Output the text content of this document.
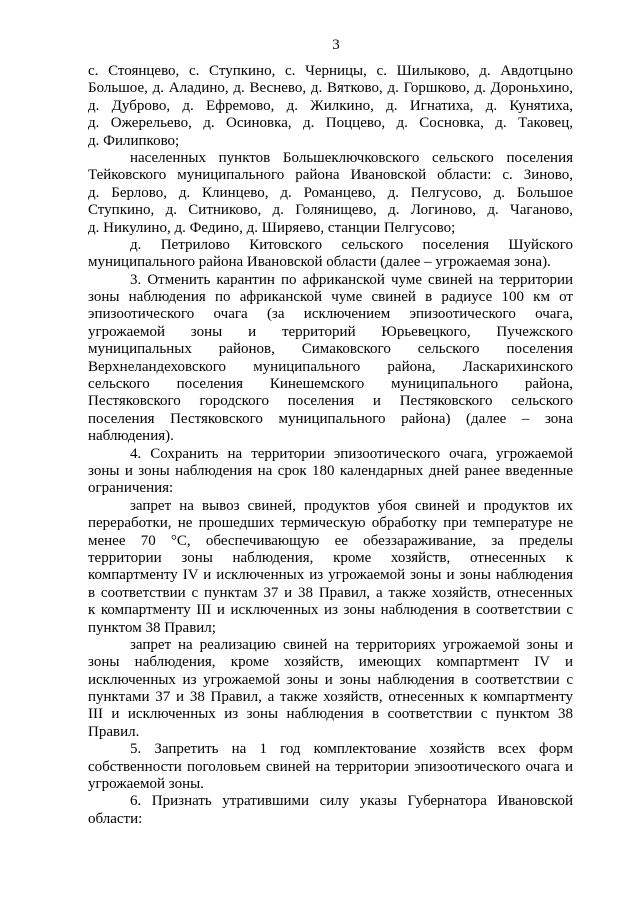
3
с. Стоянцево, с. Ступкино, с. Черницы, с. Шилыково, д. Авдотцыно
Большое, д. Аладино, д. Веснево, д. Вятково, д. Горшково, д. Дороньхино,
д. Дуброво, д. Ефремово, д. Жилкино, д. Игнатиха, д. Кунятиха,
д. Ожерельево, д. Осиновка, д. Поццево, д. Сосновка, д. Таковец,
д. Филипково;
населенных пунктов Большеключковского сельского поселения
Тейковского муниципального района Ивановской области: с. Зиново,
д. Берлово, д. Клинцево, д. Романцево, д. Пелгусово, д. Большое
Ступкино, д. Ситниково, д. Голянищево, д. Логиново, д. Чаганово,
д. Никулино, д. Федино, д. Ширяево, станции Пелгусово;
д. Петрилово Китовского сельского поселения Шуйского
муниципального района Ивановской области (далее – угрожаемая зона).
3. Отменить карантин по африканской чуме свиней на территории
зоны наблюдения по африканской чуме свиней в радиусе 100 км от
эпизоотического очага (за исключением эпизоотического очага,
угрожаемой зоны и территорий Юрьевецкого, Пучежского
муниципальных районов, Симаковского сельского поселения
Верхнеландеховского муниципального района, Ласкарихинского
сельского поселения Кинешемского муниципального района,
Пестяковского городского поселения и Пестяковского сельского
поселения Пестяковского муниципального района) (далее – зона
наблюдения).
4. Сохранить на территории эпизоотического очага, угрожаемой
зоны и зоны наблюдения на срок 180 календарных дней ранее введенные
ограничения:
запрет на вывоз свиней, продуктов убоя свиней и продуктов их
переработки, не прошедших термическую обработку при температуре не
менее 70 °С, обеспечивающую ее обеззараживание, за пределы
территории зоны наблюдения, кроме хозяйств, отнесенных к
компартменту IV и исключенных из угрожаемой зоны и зоны наблюдения
в соответствии с пунктам 37 и 38 Правил, а также хозяйств, отнесенных
к компартменту III и исключенных из зоны наблюдения в соответствии с
пунктом 38 Правил;
запрет на реализацию свиней на территориях угрожаемой зоны и
зоны наблюдения, кроме хозяйств, имеющих компартмент IV и
исключенных из угрожаемой зоны и зоны наблюдения в соответствии с
пунктами 37 и 38 Правил, а также хозяйств, отнесенных к компартменту
III и исключенных из зоны наблюдения в соответствии с пунктом 38
Правил.
5. Запретить на 1 год комплектование хозяйств всех форм
собственности поголовьем свиней на территории эпизоотического очага и
угрожаемой зоны.
6. Признать утратившими силу указы Губернатора Ивановской
области:
